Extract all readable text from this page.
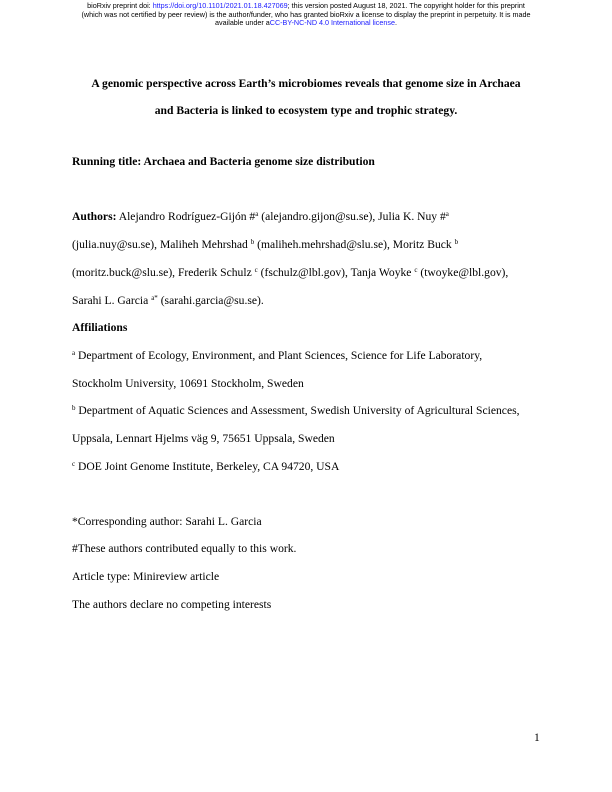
bioRxiv preprint doi: https://doi.org/10.1101/2021.01.18.427069; this version posted August 18, 2021. The copyright holder for this preprint
(which was not certified by peer review) is the author/funder, who has granted bioRxiv a license to display the preprint in perpetuity. It is made
available under aCC-BY-NC-ND 4.0 International license.
A genomic perspective across Earth’s microbiomes reveals that genome size in Archaea
and Bacteria is linked to ecosystem type and trophic strategy.
Running title: Archaea and Bacteria genome size distribution
Authors: Alejandro Rodríguez-Gijón #$^a$ (alejandro.gijon@su.se), Julia K. Nuy #$^a$
(julia.nuy@su.se), Maliheh Mehrshad $^b$ (maliheh.mehrshad@slu.se), Moritz Buck $^b$
(moritz.buck@slu.se), Frederik Schulz $^c$ (fschulz@lbl.gov), Tanja Woyke $^c$ (twoyke@lbl.gov),
Sarahi L. Garcia $^{a*}$ (sarahi.garcia@su.se).
Affiliations
$^a$ Department of Ecology, Environment, and Plant Sciences, Science for Life Laboratory,
Stockholm University, 10691 Stockholm, Sweden
$^b$ Department of Aquatic Sciences and Assessment, Swedish University of Agricultural Sciences,
Uppsala, Lennart Hjelms väg 9, 75651 Uppsala, Sweden
$^c$ DOE Joint Genome Institute, Berkeley, CA 94720, USA
*Corresponding author: Sarahi L. Garcia
#These authors contributed equally to this work.
Article type: Minireview article
The authors declare no competing interests
1
